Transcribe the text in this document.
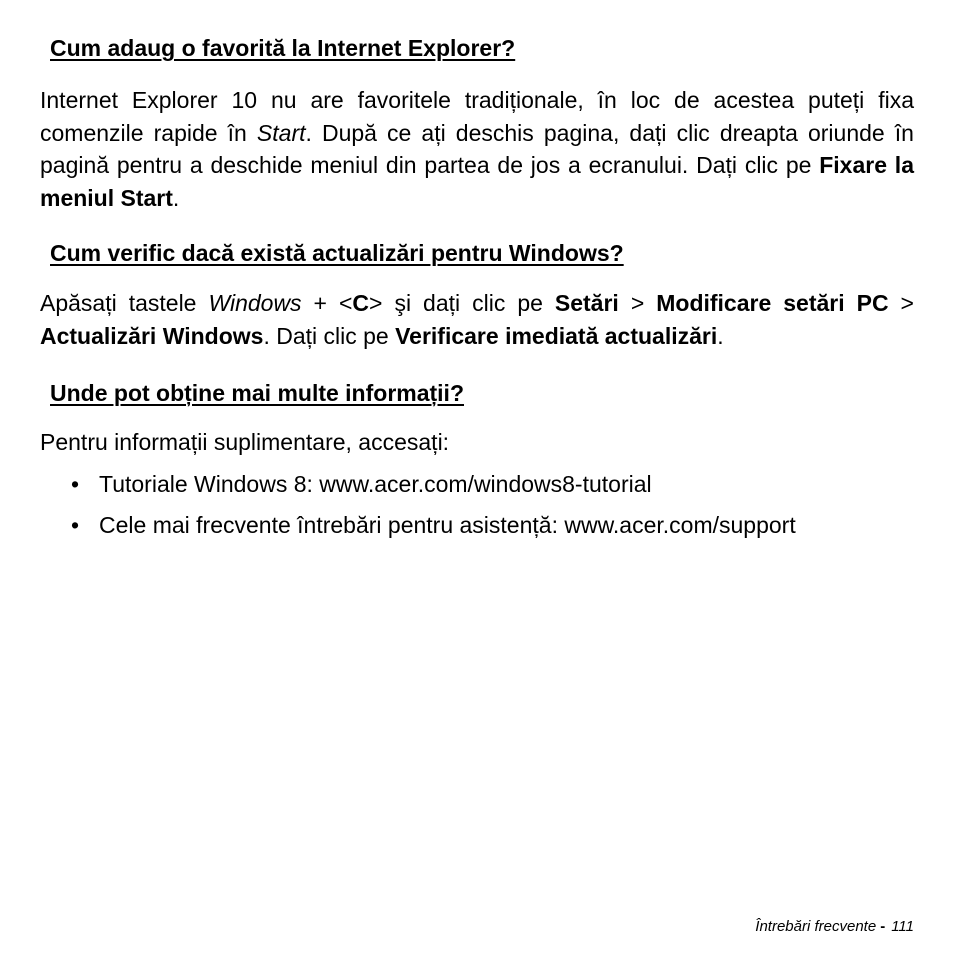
Cum adaug o favorită la Internet Explorer?

Internet Explorer 10 nu are favoritele tradiționale, în loc de acestea puteți fixa comenzile rapide în Start. După ce ați deschis pagina, dați clic dreapta oriunde în pagină pentru a deschide meniul din partea de jos a ecranului. Dați clic pe Fixare la meniul Start.

Cum verific dacă există actualizări pentru Windows?

Apăsați tastele Windows + <C> şi dați clic pe Setări > Modificare setări PC > Actualizări Windows. Dați clic pe Verificare imediată actualizări.

Unde pot obține mai multe informații?

Pentru informații suplimentare, accesați:

• Tutoriale Windows 8: www.acer.com/windows8-tutorial
• Cele mai frecvente întrebări pentru asistență: www.acer.com/support
Întrebări frecvente - 111
